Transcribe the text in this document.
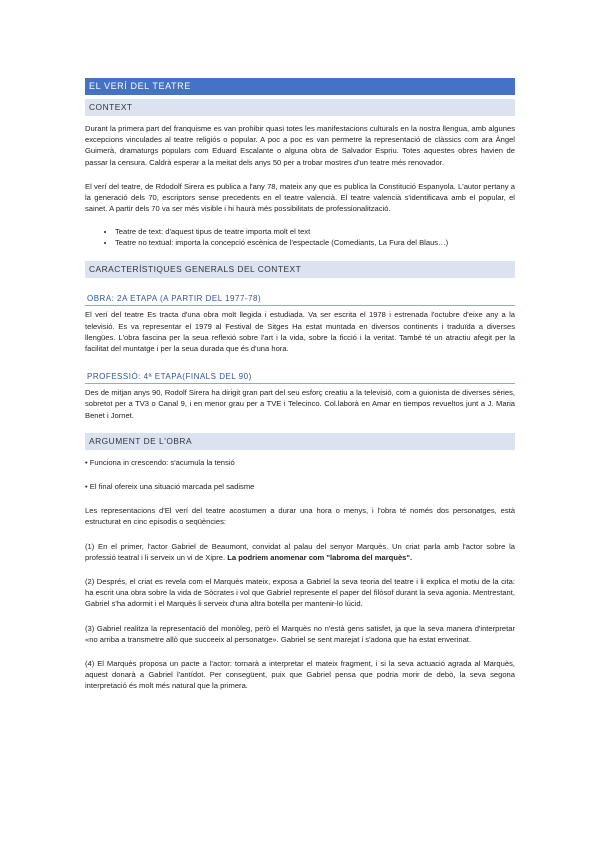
EL VERÍ DEL TEATRE
CONTEXT

Durant la primera part del franquisme es van prohibir quasi totes les manifestacions culturals en la nostra llengua, amb algunes excepcions vinculades al teatre religiós o popular. A poc a poc es van permetre la representació de clàssics com ara Àngel Guimerà, dramaturgs populars com Eduard Escalante o alguna obra de Salvador Espriu. Totes aquestes obres havien de passar la censura. Caldrà esperar a la meitat dels anys 50 per a trobar mostres d'un teatre més renovador.

El verí del teatre, de Rdodolf Sirera es publica a l'any 78, mateix any que es publica la Constitució Espanyola. L'autor pertany a la generació dels 70, escriptors sense precedents en el teatre valencià. El teatre valencià s'identificava amb el popular, el sainet. A partir dels 70 va ser més visible i hi haurà més possibilitats de professionalització.

• Teatre de text: d'aquest tipus de teatre importa molt el text
• Teatre no textual: importa la concepció escènica de l'espectacle (Comediants, La Fura del Blaus…)
CARACTERÍSTIQUES GENERALS DEL CONTEXT
OBRA: 2A ETAPA (A PARTIR DEL 1977-78)

El verí del teatre Es tracta d'una obra molt llegida i estudiada. Va ser escrita el 1978 i estrenada l'octubre d'eixe any a la televisió. Es va representar el 1979 al Festival de Sitges Ha estat muntada en diversos continents i traduïda a diverses llengües. L'obra fascina per la seua reflexió sobre l'art i la vida, sobre la ficció i la veritat. També té un atractiu afegit per la facilitat del muntatge i per la seua durada que és d'una hora.

PROFESSIÓ: 4ª ETAPA(FINALS DEL 90)

Des de mitjan anys 90, Rodolf Sirera ha dirigit gran part del seu esforç creatiu a la televisió, com a guionista de diverses sèries, sobretot per a TV3 o Canal 9, i en menor grau per a TVE i Telecinco. Col.laborà en Amar en tiempos revueltos junt a J. Maria Benet i Jornet.

ARGUMENT DE L'OBRA

• Funciona in crescendo: s'acumula la tensió

• El final oferеix una situació marcada pel sadisme

Les representacions d'El verí del teatre acostumen a durar una hora o menys, i l'obra té només dos personatges, està estructurat en cinc episodis o seqüències:

(1) En el primer, l'actor Gabriel de Beaumont, convidat al palau del senyor Marquès. Un criat parla amb l'actor sobre la professió teatral i li serveix un vi de Xipre. La podriem anomenar com "labroma del marquès".

(2) Després, el criat es revela com el Marquès mateix, exposa a Gabriel la seva teoria del teatre i li explica el motiu de la cita: ha escrit una obra sobre la vida de Sòcrates i vol que Gabriel represente el paper del filòsof durant la seva agonia. Mentrestant, Gabriel s'ha adormit i el Marquès li serveix d'una altra botella per mantenir-lo lúcid.

(3) Gabriel realitza la representació del monòleg, però el Marquès no n'està gens satisfet, ja que la seva manera d'interpretar «no arriba a transmetre allò que succeeix al personatge». Gabriel se sent marejat i s'adona que ha estat enverinat.

(4) El Marquès proposa un pacte a l'actor: tornarà a interpretar el mateix fragment, i si la seva actuació agrada al Marquès, aquest donarà a Gabriel l'antídot. Per consegüent, puix que Gabriel pensa que podria morir de debò, la seva segona interpretació és molt més natural que la primera.
